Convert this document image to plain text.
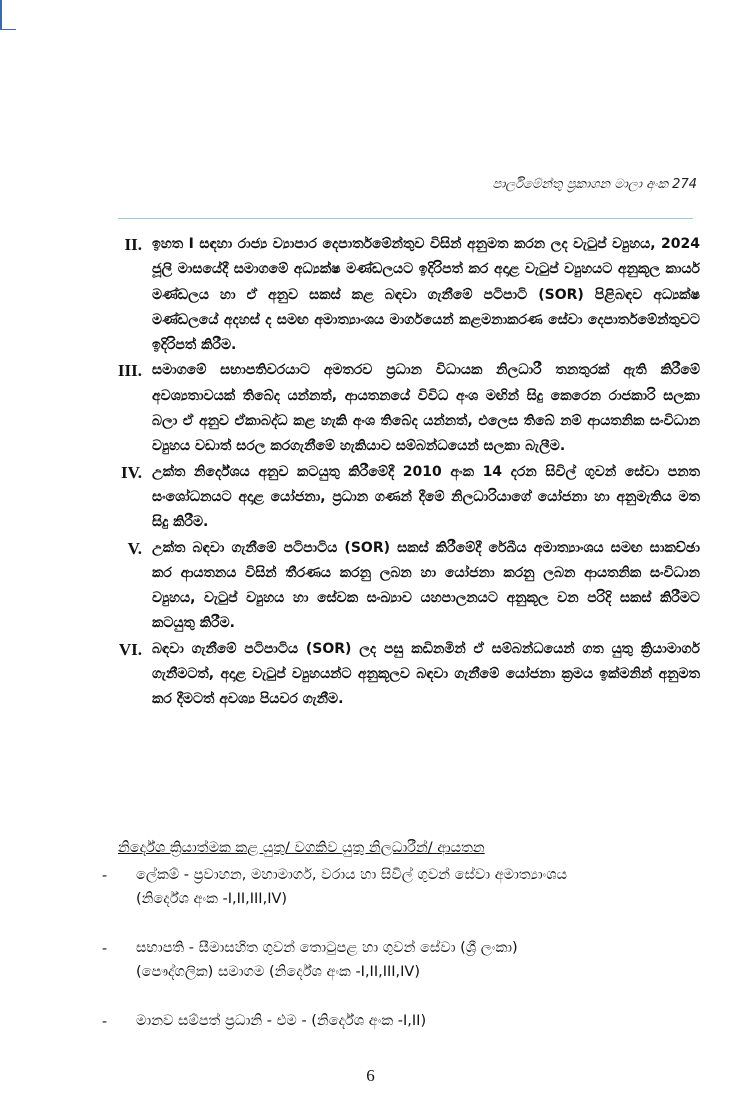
පාර්ලිමේන්තු ප්‍රකාශන මාලා අංක 274
II. ඉහත I සඳහා රාජ්‍ය ව්‍යාපාර දෙපාර්තමේන්තුව විසින් අනුමත කරන ලද වැටුප් ව්‍යුහය, 2024 ජූලි මාසයේදී සමාගමේ අධ්‍යක්ෂ මණ්ඩලයට ඉදිරිපත් කර අදාළ වැටුප් ව්‍යුහයට අනුකූල කාර්ය මණ්ඩලය හා ඒ අනුව සකස් කළ බඳවා ගැනීමේ පටිපාටි (SOR) පිළිබඳව අධ්‍යක්ෂ මණ්ඩලයේ අදහස් ද සමඟ අමාත්‍යාංශය මාර්ගයෙන් කළමනාකරණ සේවා දෙපාර්තමේන්තුවට ඉදිරිපත් කිරීම.
III. සමාගමේ සභාපතිවරයාට අමතරව ප්‍රධාන විධායක නිලධාරී තනතුරක් ඇති කිරීමේ අවශ්‍යතාවයක් තිබේද යන්නත්, ආයතනයේ විවිධ අංශ මඟින් සිදු කෙරෙන රාජකාරි සලකා බලා ඒ අනුව ඒකාබද්ධ කළ හැකි අංශ තිබේද යන්නත්, එලෙස තිබේ නම් ආයතනික සංවිධාන ව්‍යුහය වඩාත් සරල කරගැනීමේ හැකියාව සම්බන්ධයෙන් සලකා බැලීම.
IV. උක්ත නිර්දේශය අනුව කටයුතු කිරීමේදී 2010 අංක 14 දරන සිවිල් ගුවන් සේවා පනත සංශෝධනයට අදාළ යෝජනා, ප්‍රධාන ගණන් දීමේ නිලධාරියාගේ යෝජනා හා අනුමැතිය මත සිදු කිරීම.
V. උක්ත බඳවා ගැනීමේ පටිපාටිය (SOR) සකස් කිරීමේදී රේඛීය අමාත්‍යාංශය සමඟ සාකච්ඡා කර ආයතනය විසින් තීරණය කරනු ලබන හා යෝජනා කරනු ලබන ආයතනික සංවිධාන ව්‍යුහය, වැටුප් ව්‍යුහය හා සේවක සංඛ්‍යාව යහපාලනයට අනුකූල වන පරිදි සකස් කිරීමට කටයුතු කිරීම.
VI. බඳවා ගැනීමේ පටිපාටිය (SOR) ලද පසු කඩිනමින් ඒ සම්බන්ධයෙන් ගත යුතු ක්‍රියාමාර්ග ගැනීමටත්, අදාළ වැටුප් ව්‍යුහයන්ට අනුකූලව බඳවා ගැනීමේ යෝජනා ක්‍රමය ඉක්මනින් අනුමත කර දීමටත් අවශ්‍ය පියවර ගැනීම.
නිර්දේශ ක්‍රියාත්මක කළ යුතු/ වගකිව යුතු නිලධාරීන්/ ආයතන
-	ලේකම් - ප්‍රවාහන, මහාමාර්ග, වරාය හා සිවිල් ගුවන් සේවා අමාත්‍යාංශය
(නිර්දේශ අංක -I,II,III,IV)
-	සභාපති - සීමාසහිත ගුවන් තොටුපළ හා ගුවන් සේවා (ශ්‍රී ලංකා)
(පෞද්ගලික) සමාගම (නිර්දේශ අංක -I,II,III,IV)
-	මානව සම්පත් ප්‍රධානි - එම - (නිර්දේශ අංක -I,II)
6
